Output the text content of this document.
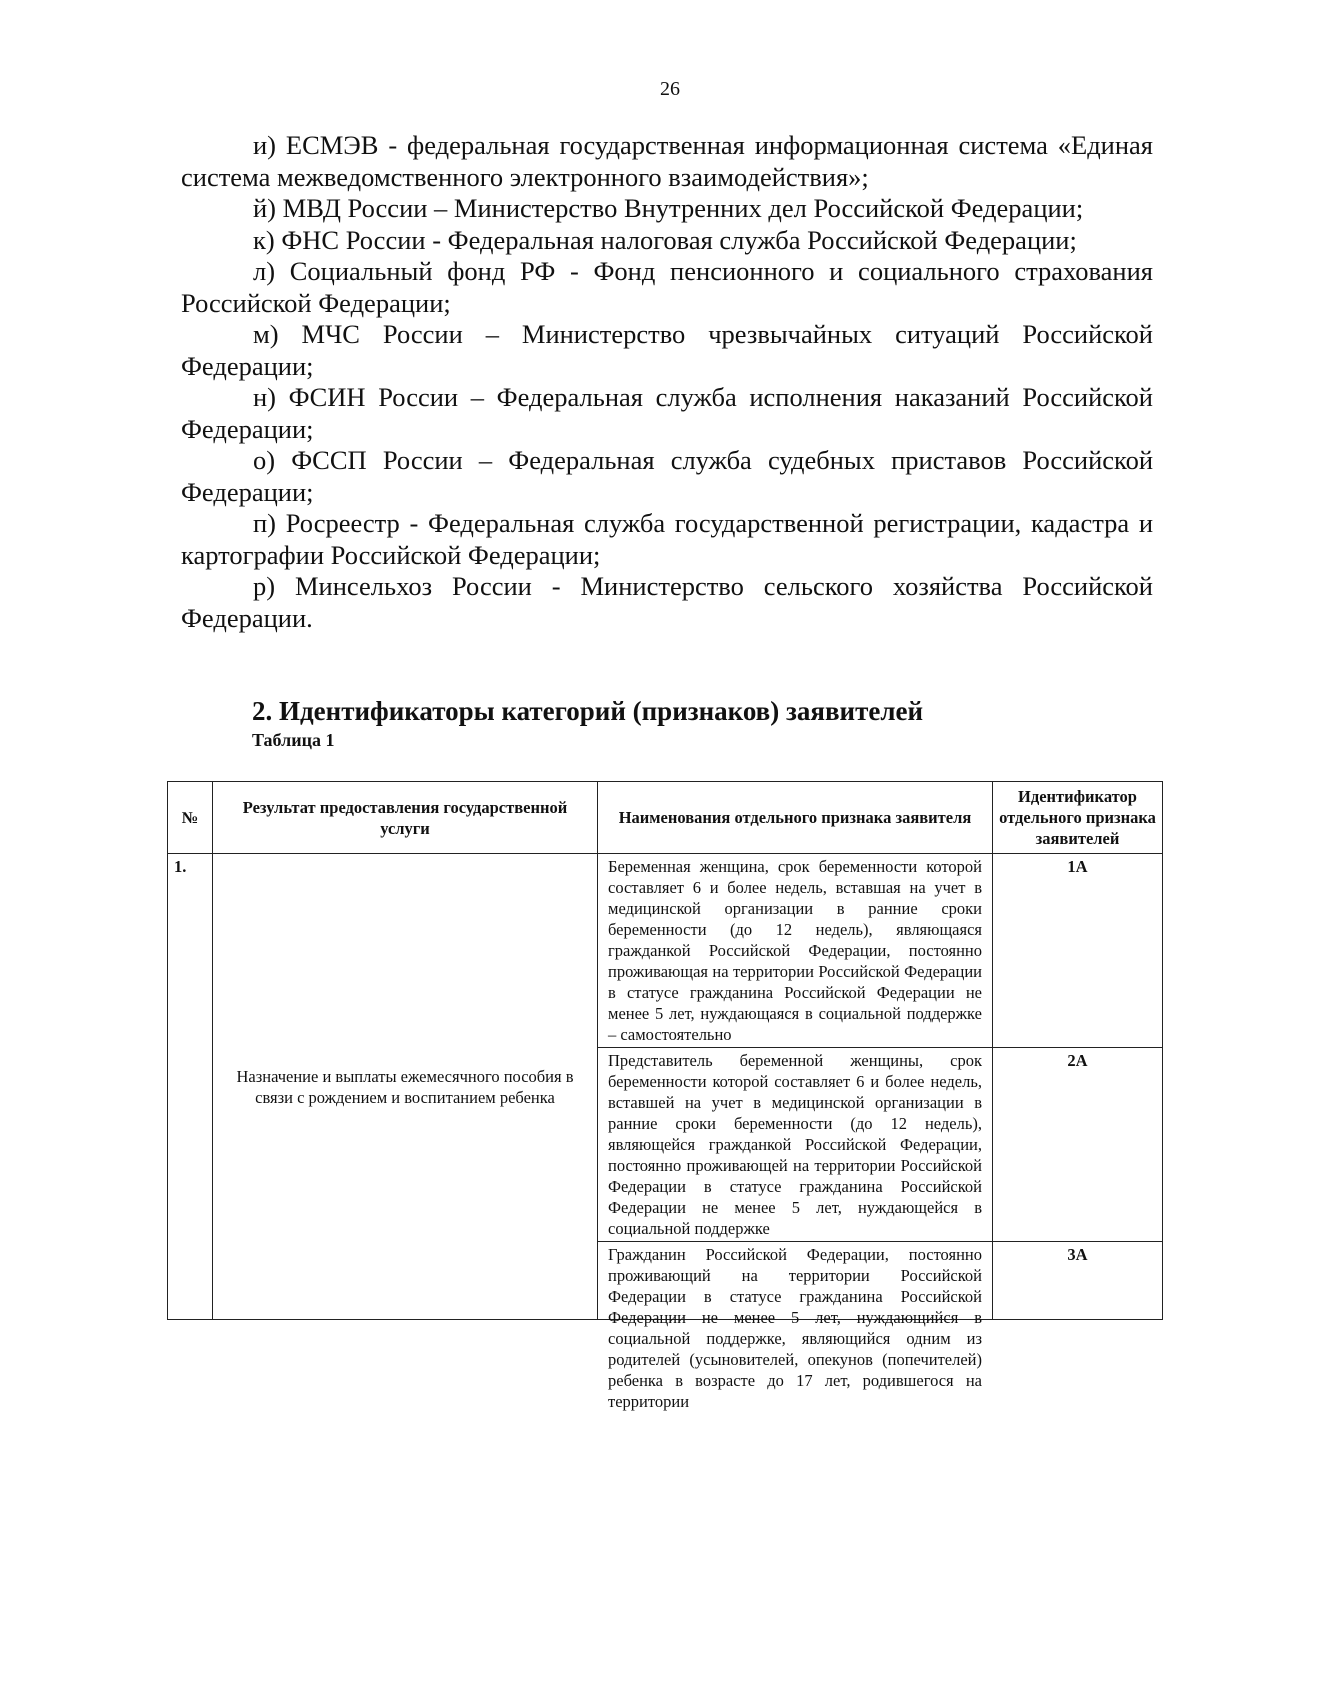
26

и) ЕСМЭВ - федеральная государственная информационная система «Единая система межведомственного электронного взаимодействия»;

й) МВД России – Министерство Внутренних дел Российской Федерации;

к) ФНС России - Федеральная налоговая служба Российской Федерации;

л) Социальный фонд РФ - Фонд пенсионного и социального страхования Российской Федерации;

м) МЧС России – Министерство чрезвычайных ситуаций Российской Федерации;

н) ФСИН России – Федеральная служба исполнения наказаний Российской Федерации;

о) ФССП России – Федеральная служба судебных приставов Российской Федерации;

п) Росреестр - Федеральная служба государственной регистрации, кадастра и картографии Российской Федерации;

р) Минсельхоз России - Министерство сельского хозяйства Российской Федерации.

2. Идентификаторы категорий (признаков) заявителей
Таблица 1
№	Результат предоставления государственной услуги	Наименования отдельного признака заявителя	Идентификатор отдельного признака заявителей
1.	Назначение и выплаты ежемесячного пособия в связи с рождением и воспитанием ребенка	Беременная женщина, срок беременности которой составляет 6 и более недель, вставшая на учет в медицинской организации в ранние сроки беременности (до 12 недель), являющаяся гражданкой Российской Федерации, постоянно проживающая на территории Российской Федерации в статусе гражданина Российской Федерации не менее 5 лет, нуждающаяся в социальной поддержке – самостоятельно	1А
		Представитель беременной женщины, срок беременности которой составляет 6 и более недель, вставшей на учет в медицинской организации в ранние сроки беременности (до 12 недель), являющейся гражданкой Российской Федерации, постоянно проживающей на территории Российской Федерации в статусе гражданина Российской Федерации не менее 5 лет, нуждающейся в социальной поддержке	2А

		Гражданин Российской Федерации, постоянно проживающий на территории Российской Федерации в статусе гражданина Российской Федерации не менее 5 лет, нуждающийся в социальной поддержке, являющийся одним из родителей (усыновителей, опекунов (попечителей) ребенка в возрасте до 17 лет, родившегося на территории	3А
